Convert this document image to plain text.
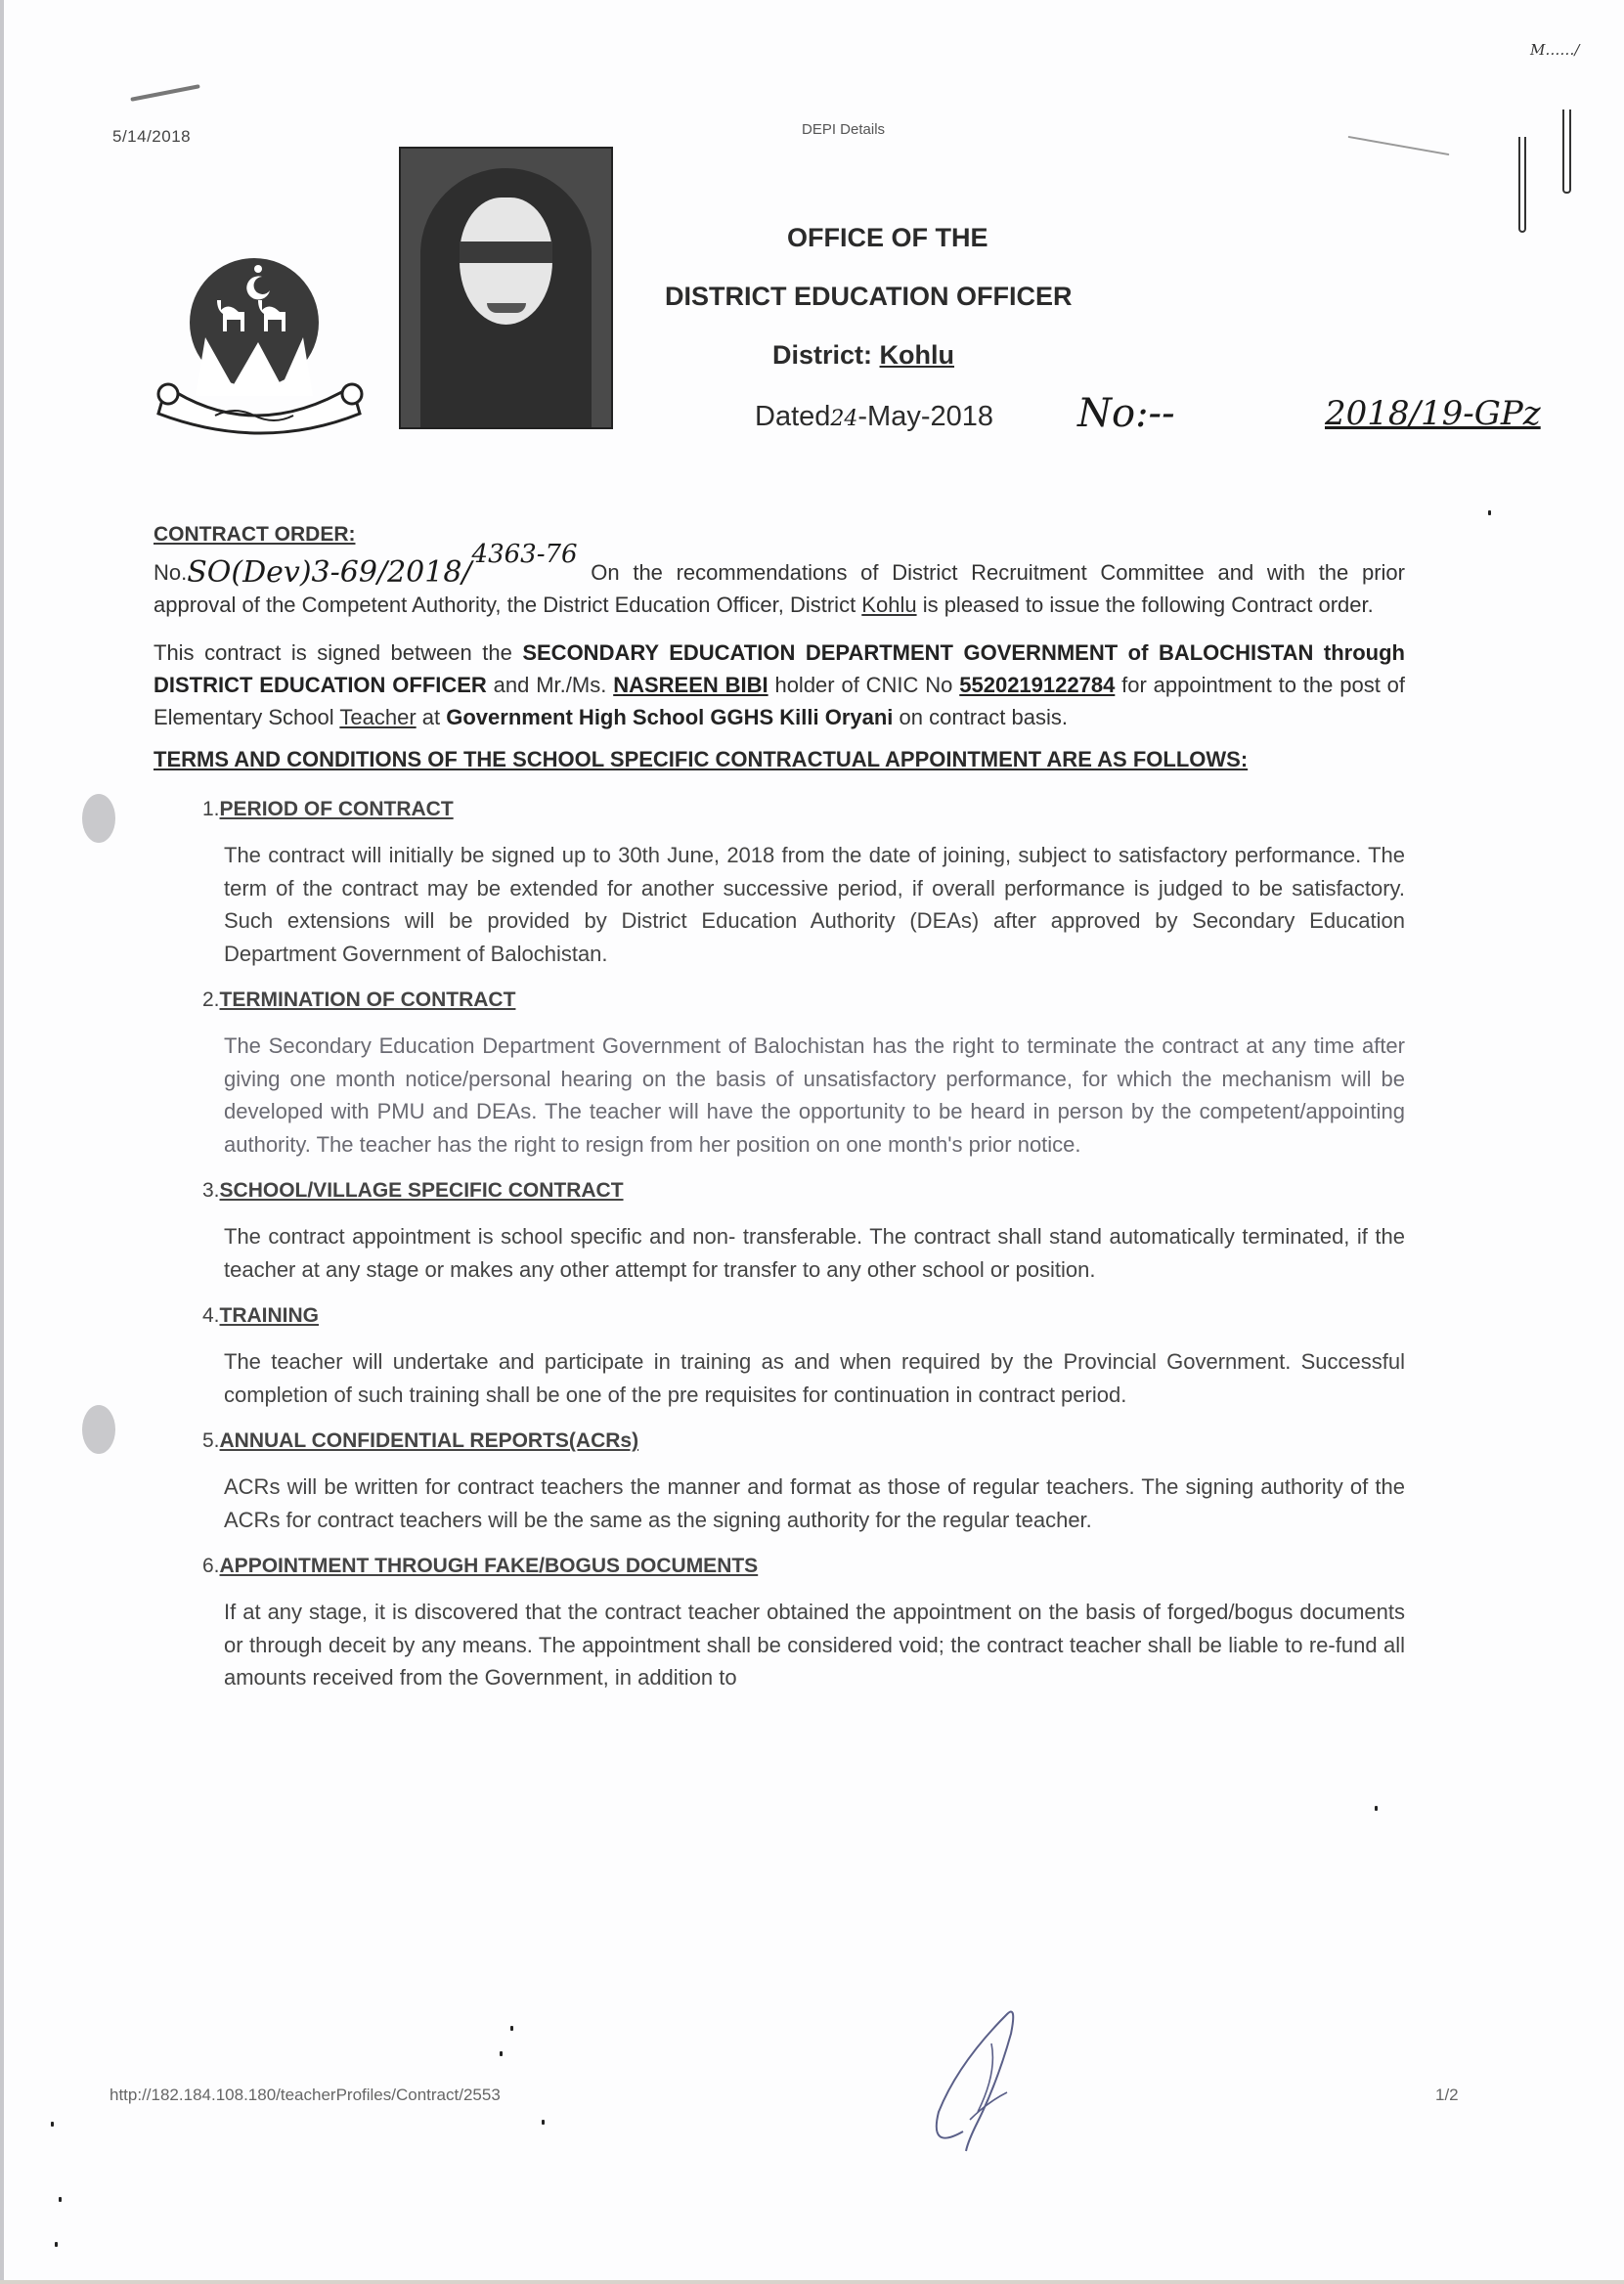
5/14/2018	DEPI Details
M……/
OFFICE OF THE
DISTRICT EDUCATION OFFICER
District: Kohlu
Dated24-May-2018 No:--	2018/19-GPz
CONTRACT ORDER:

No.SO(Dev)3-69/2018/4363-76 On the recommendations of District Recruitment Committee and with the prior approval of the Competent Authority, the District Education Officer, District Kohlu is pleased to issue the following Contract order.

This contract is signed between the SECONDARY EDUCATION DEPARTMENT GOVERNMENT of BALOCHISTAN through DISTRICT EDUCATION OFFICER and Mr./Ms. NASREEN BIBI holder of CNIC No 5520219122784 for appointment to the post of Elementary School Teacher at Government High School GGHS Killi Oryani on contract basis.

TERMS AND CONDITIONS OF THE SCHOOL SPECIFIC CONTRACTUAL APPOINTMENT ARE AS FOLLOWS:
1.PERIOD OF CONTRACT
The contract will initially be signed up to 30th June, 2018 from the date of joining, subject to satisfactory performance. The term of the contract may be extended for another successive period, if overall performance is judged to be satisfactory. Such extensions will be provided by District Education Authority (DEAs) after approved by Secondary Education Department Government of Balochistan.
2.TERMINATION OF CONTRACT
The Secondary Education Department Government of Balochistan has the right to terminate the contract at any time after giving one month notice/personal hearing on the basis of unsatisfactory performance, for which the mechanism will be developed with PMU and DEAs. The teacher will have the opportunity to be heard in person by the competent/appointing authority. The teacher has the right to resign from her position on one month's prior notice.
3.SCHOOL/VILLAGE SPECIFIC CONTRACT
The contract appointment is school specific and non- transferable. The contract shall stand automatically terminated, if the teacher at any stage or makes any other attempt for transfer to any other school or position.
4.TRAINING
The teacher will undertake and participate in training as and when required by the Provincial Government. Successful completion of such training shall be one of the pre requisites for continuation in contract period.
5.ANNUAL CONFIDENTIAL REPORTS(ACRs)
ACRs will be written for contract teachers the manner and format as those of regular teachers. The signing authority of the ACRs for contract teachers will be the same as the signing authority for the regular teacher.
6.APPOINTMENT THROUGH FAKE/BOGUS DOCUMENTS
If at any stage, it is discovered that the contract teacher obtained the appointment on the basis of forged/bogus documents or through deceit by any means. The appointment shall be considered void; the contract teacher shall be liable to re-fund all amounts received from the Government, in addition to
http://182.184.108.180/teacherProfiles/Contract/2553	1/2
